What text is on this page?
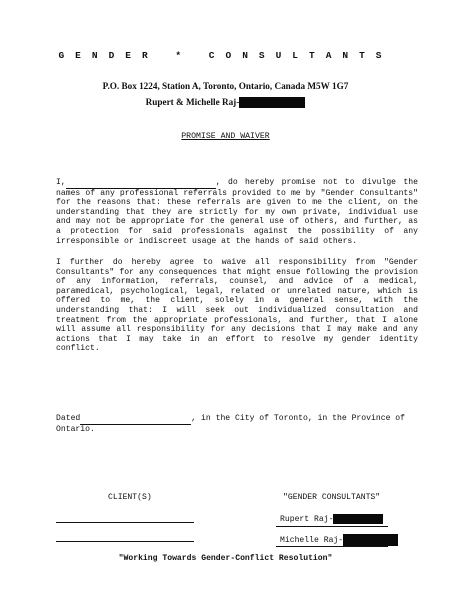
GENDER * CONSULTANTS
P.O. Box 1224, Station A, Toronto, Ontario, Canada M5W 1G7
Rupert & Michelle Raj-
PROMISE AND WAIVER
I,	, do hereby promise not to divulge the names of any professional referrals provided to me by "Gender Consultants" for the reasons that: these referrals are given to me the client, on the understanding that they are strictly for my own private, individual use and may not be appropriate for the general use of others, and further, as a protection for said professionals against the possibility of any irresponsible or indiscreet usage at the hands of said others.
I further do hereby agree to waive all responsibility from "Gender Consultants" for any consequences that might ensue following the provision of any information, referrals, counsel, and advice of a medical, paramedical, psychological, legal, related or unrelated nature, which is offered to me, the client, solely in a general sense, with the understanding that: I will seek out individualized consultation and treatment from the appropriate professionals, and further, that I alone will assume all responsibility for any decisions that I may make and any actions that I may take in an effort to resolve my gender identity conflict.
Dated	, in the City of Toronto, in the Province of Ontario.
CLIENT(S)	"GENDER CONSULTANTS"
Rupert Raj-
Michelle Raj-
"Working Towards Gender-Conflict Resolution"
